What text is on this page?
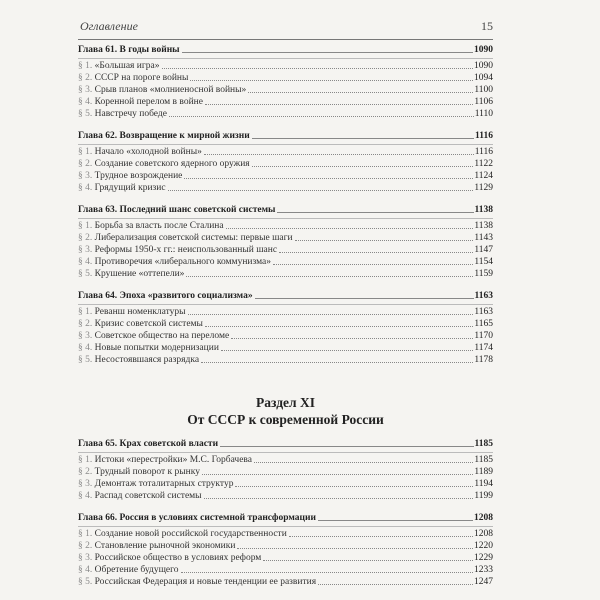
Оглавление	15
Глава 61. В годы войны	1090
§ 1. «Большая игра»	1090
§ 2. СССР на пороге войны	1094
§ 3. Срыв планов «молниеносной войны»	1100
§ 4. Коренной перелом в войне	1106
§ 5. Навстречу победе	1110
Глава 62. Возвращение к мирной жизни	1116
§ 1. Начало «холодной войны»	1116
§ 2. Создание советского ядерного оружия	1122
§ 3. Трудное возрождение	1124
§ 4. Грядущий кризис	1129
Глава 63. Последний шанс советской системы	1138
§ 1. Борьба за власть после Сталина	1138
§ 2. Либерализация советской системы: первые шаги	1143
§ 3. Реформы 1950-х гг.: неиспользованный шанс	1147
§ 4. Противоречия «либерального коммунизма»	1154
§ 5. Крушение «оттепели»	1159
Глава 64. Эпоха «развитого социализма»	1163
§ 1. Реванш номенклатуры	1163
§ 2. Кризис советской системы	1165
§ 3. Советское общество на переломе	1170
§ 4. Новые попытки модернизации	1174
§ 5. Несостоявшаяся разрядка	1178
Раздел XI
От СССР к современной России
Глава 65. Крах советской власти	1185
§ 1. Истоки «перестройки» М.С. Горбачева	1185
§ 2. Трудный поворот к рынку	1189
§ 3. Демонтаж тоталитарных структур	1194
§ 4. Распад советской системы	1199
Глава 66. Россия в условиях системной трансформации	1208
§ 1. Создание новой российской государственности	1208
§ 2. Становление рыночной экономики	1220
§ 3. Российское общество в условиях реформ	1229
§ 4. Обретение будущего	1233
§ 5. Российская Федерация и новые тенденции ее развития	1247
